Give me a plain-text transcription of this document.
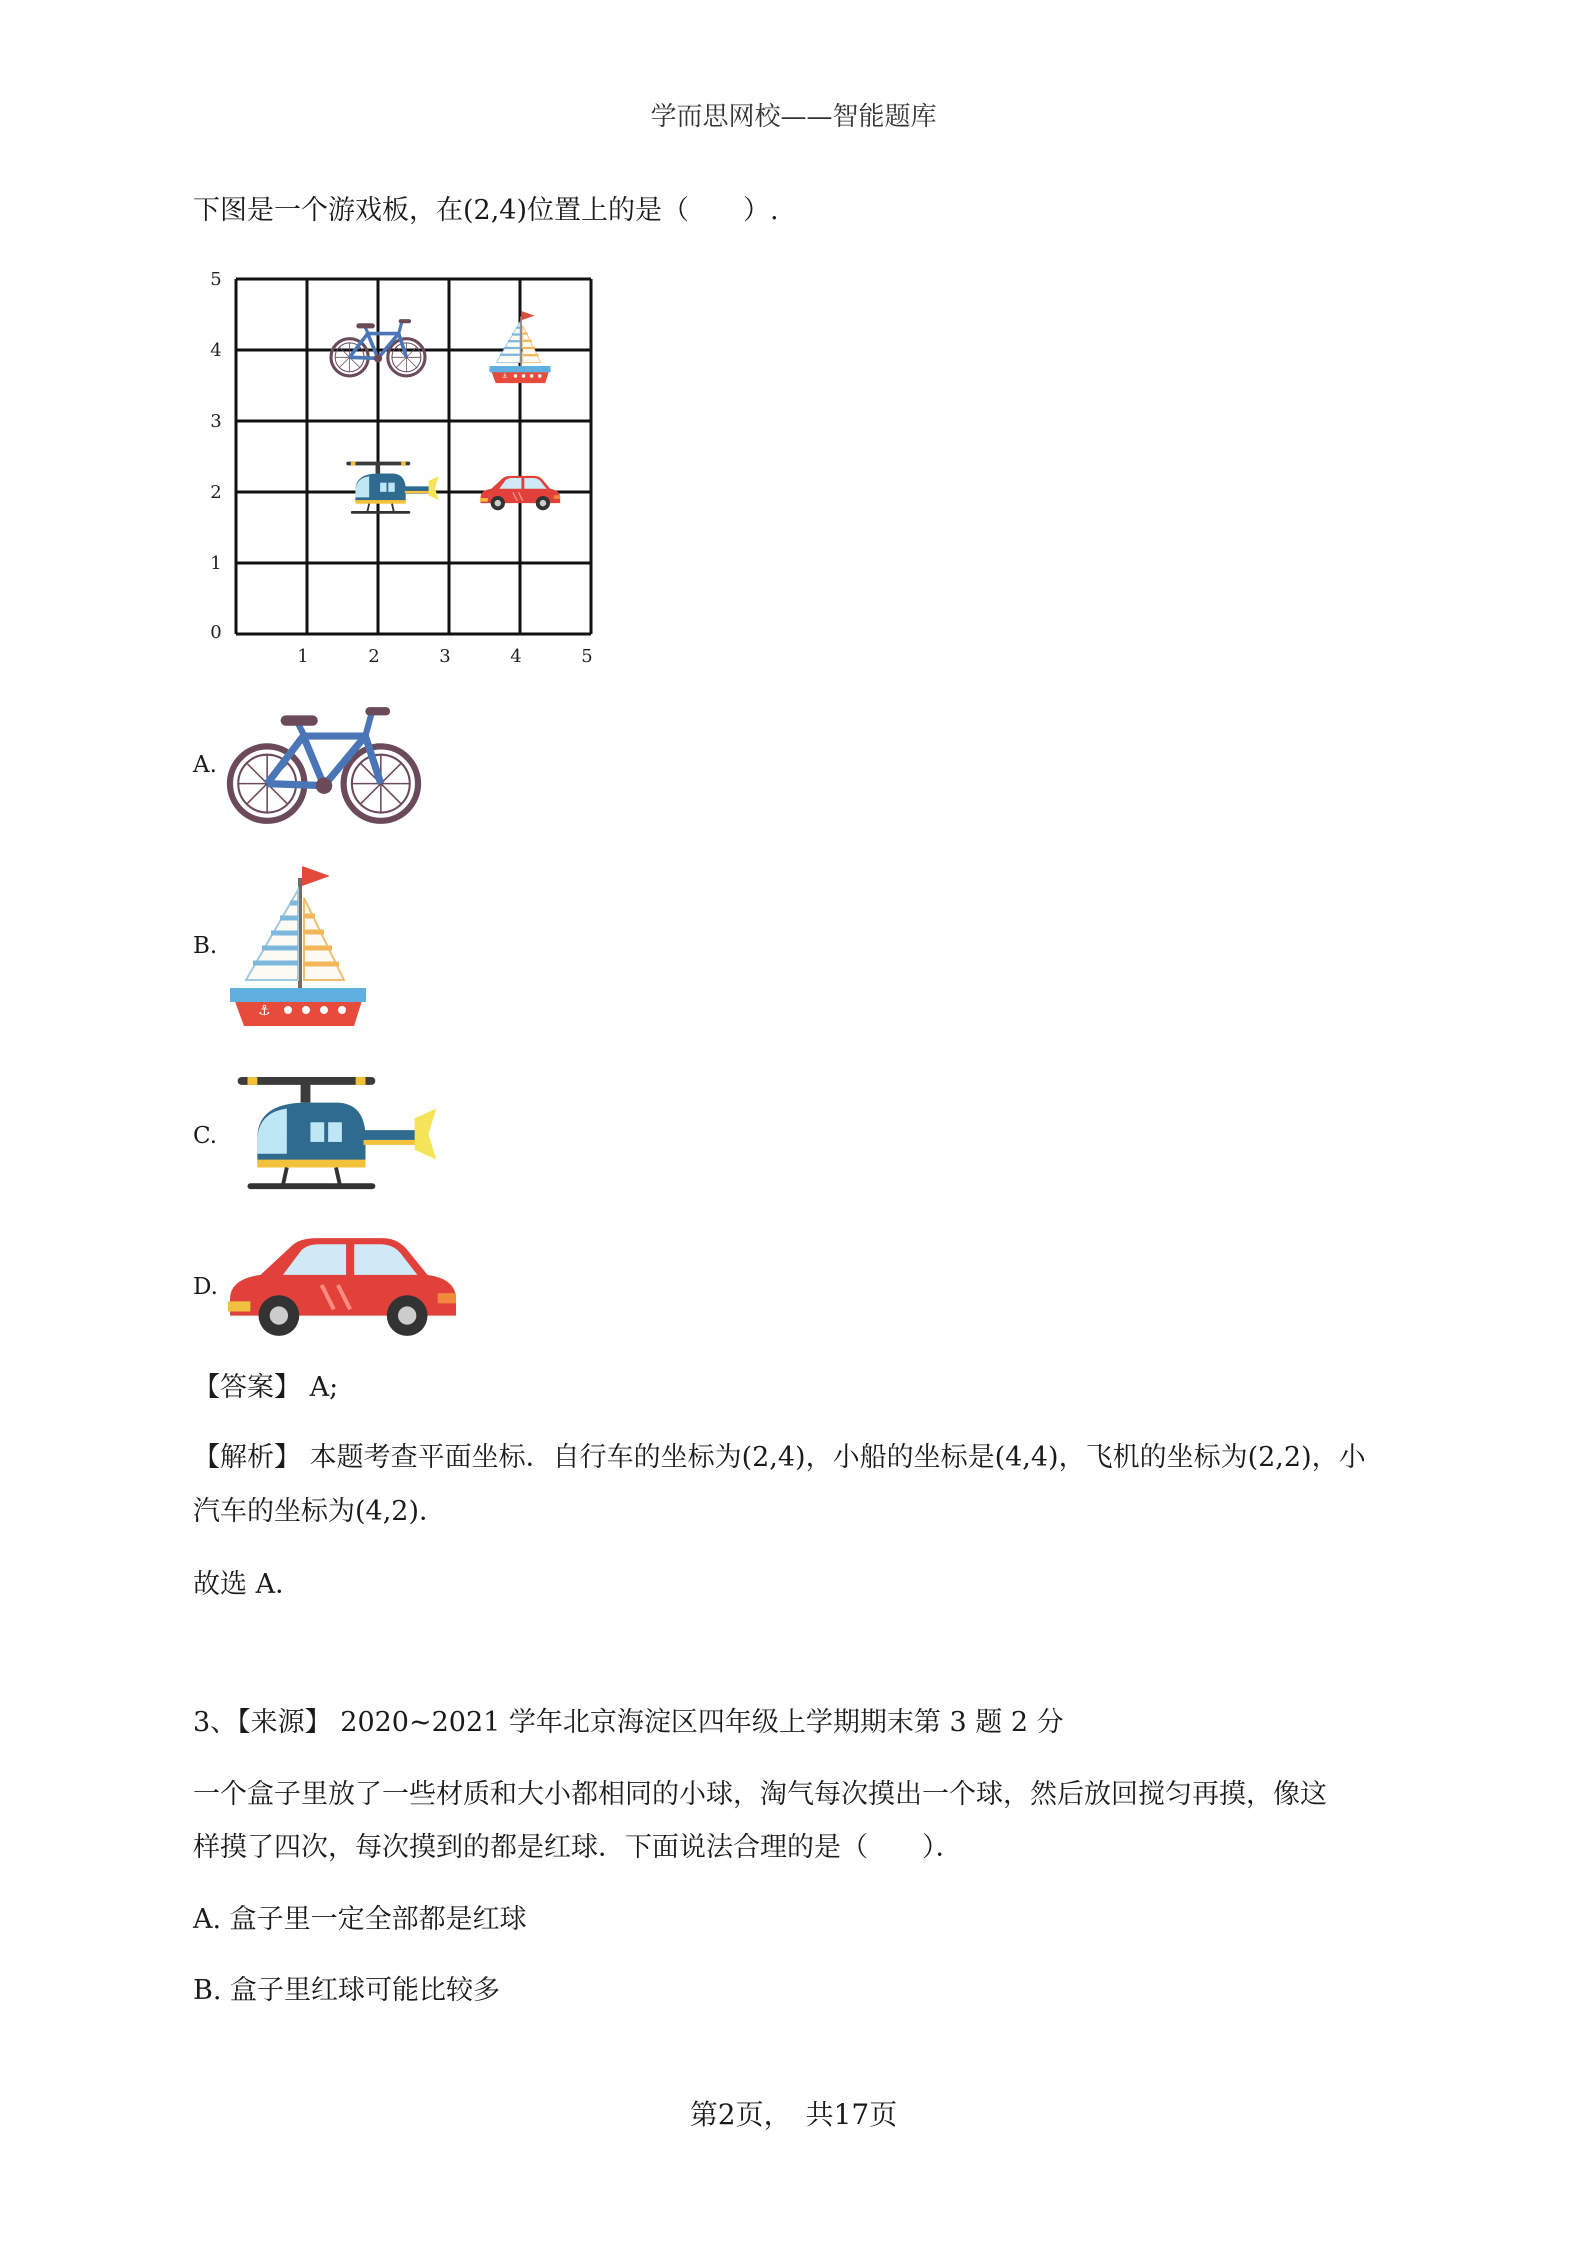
学而思网校——智能题库
下图是一个游戏板，在(2,4)位置上的是（　　）.
0
1
2
3
4
5
1	2	3	4	5
A.
B.
C.
D.
【答案】 A;
【解析】 本题考查平面坐标．自行车的坐标为(2,4)，小船的坐标是(4,4)，飞机的坐标为(2,2)，小
汽车的坐标为(4,2)．
故选 A．
3、【来源】 2020~2021 学年北京海淀区四年级上学期期末第 3 题 2 分
一个盒子里放了一些材质和大小都相同的小球，淘气每次摸出一个球，然后放回搅匀再摸，像这
样摸了四次，每次摸到的都是红球．下面说法合理的是（　　）．
A. 盒子里一定全部都是红球
B. 盒子里红球可能比较多
第2页，　共17页
